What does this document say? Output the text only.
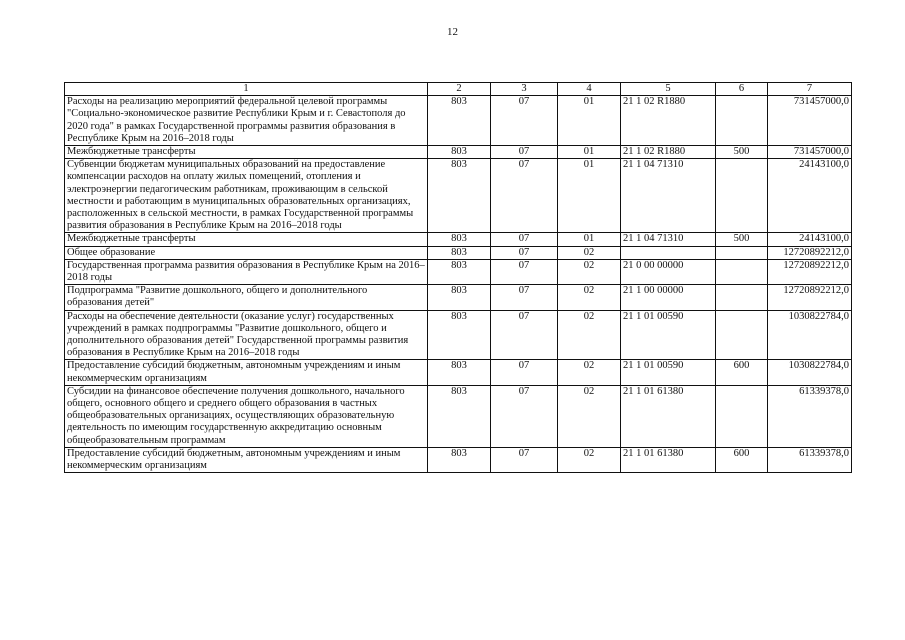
12
1	2	3	4	5	6	7
Расходы на реализацию мероприятий федеральной целевой программы "Социально-экономическое развитие Республики Крым и г. Севастополя до 2020 года" в рамках Государственной программы развития образования в Республике Крым на 2016–2018 годы	803	07	01	21 1 02 R1880		731457000,0
Межбюджетные трансферты	803	07	01	21 1 02 R1880	500	731457000,0
Субвенции бюджетам муниципальных образований на предоставление компенсации расходов на оплату жилых помещений, отопления и электроэнергии педагогическим работникам, проживающим в сельской местности и работающим в муниципальных образовательных организациях, расположенных в сельской местности, в рамках Государственной программы развития образования в Республике Крым на 2016–2018 годы	803	07	01	21 1 04 71310		24143100,0
Межбюджетные трансферты	803	07	01	21 1 04 71310	500	24143100,0
Общее образование	803	07	02			12720892212,0
Государственная программа развития образования в Республике Крым на 2016–2018 годы	803	07	02	21 0 00 00000		12720892212,0
Подпрограмма "Развитие дошкольного, общего и дополнительного образования детей"	803	07	02	21 1 00 00000		12720892212,0
Расходы на обеспечение деятельности (оказание услуг) государственных учреждений в рамках подпрограммы "Развитие дошкольного, общего и дополнительного образования детей" Государственной программы развития образования в Республике Крым на 2016–2018 годы	803	07	02	21 1 01 00590		1030822784,0
Предоставление субсидий бюджетным, автономным учреждениям и иным некоммерческим организациям	803	07	02	21 1 01 00590	600	1030822784,0
Субсидии на финансовое обеспечение получения дошкольного, начального общего, основного общего и среднего общего образования в частных общеобразовательных организациях, осуществляющих образовательную деятельность по имеющим государственную аккредитацию основным общеобразовательным программам	803	07	02	21 1 01 61380		61339378,0
Предоставление субсидий бюджетным, автономным учреждениям и иным некоммерческим организациям	803	07	02	21 1 01 61380	600	61339378,0
